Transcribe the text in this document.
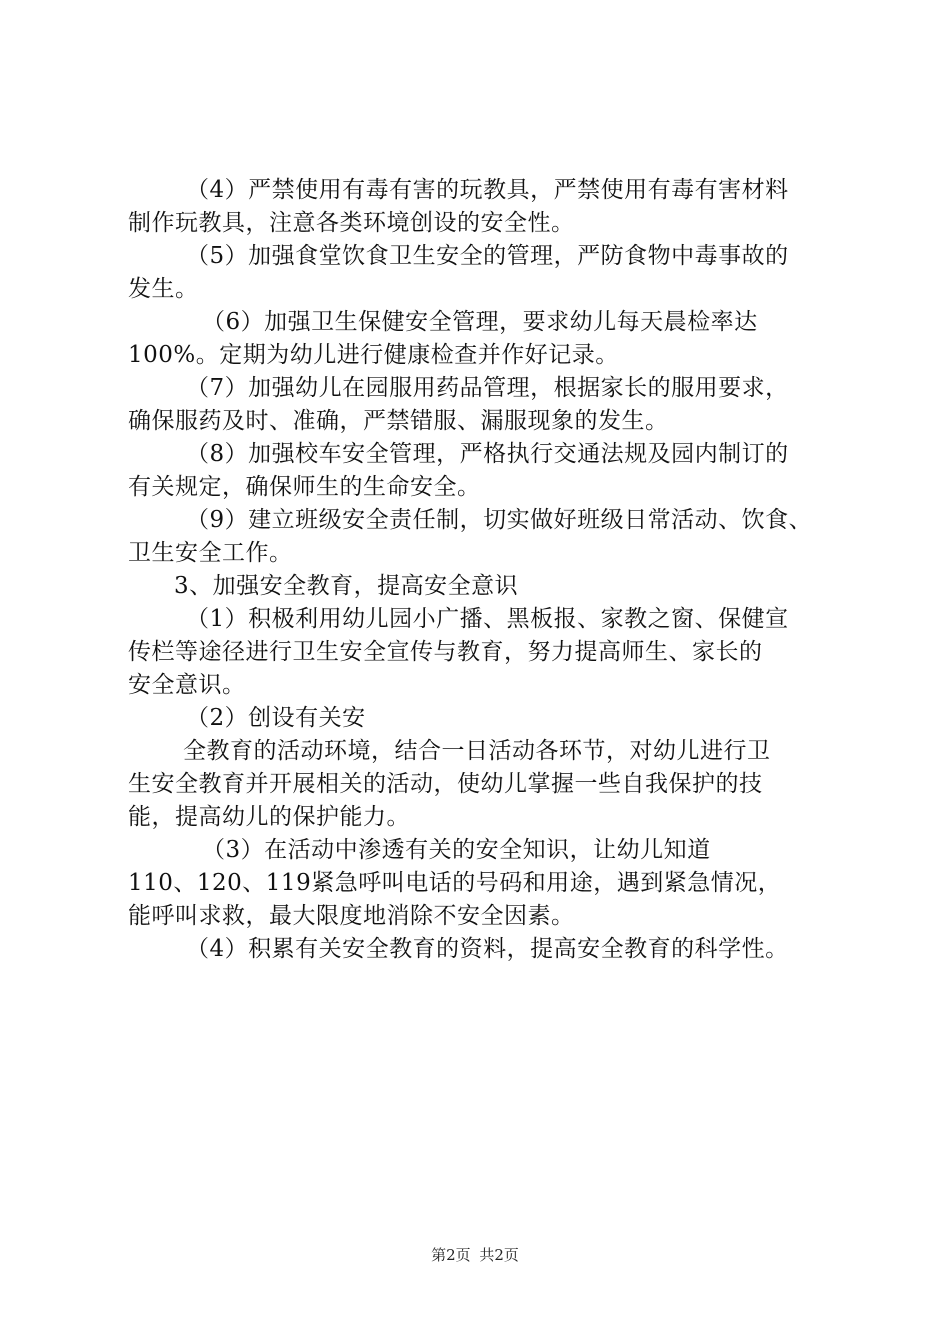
（4）严禁使用有毒有害的玩教具，严禁使用有毒有害材料
制作玩教具，注意各类环境创设的安全性。
（5）加强食堂饮食卫生安全的管理，严防食物中毒事故的
发生。
（6）加强卫生保健安全管理，要求幼儿每天晨检率达
100%。定期为幼儿进行健康检查并作好记录。
（7）加强幼儿在园服用药品管理，根据家长的服用要求，
确保服药及时、准确，严禁错服、漏服现象的发生。
（8）加强校车安全管理，严格执行交通法规及园内制订的
有关规定，确保师生的生命安全。
（9）建立班级安全责任制，切实做好班级日常活动、饮食、
卫生安全工作。
3、加强安全教育，提高安全意识
（1）积极利用幼儿园小广播、黑板报、家教之窗、保健宣
传栏等途径进行卫生安全宣传与教育，努力提高师生、家长的
安全意识。
（2）创设有关安
全教育的活动环境，结合一日活动各环节，对幼儿进行卫
生安全教育并开展相关的活动，使幼儿掌握一些自我保护的技
能，提高幼儿的保护能力。
（3）在活动中渗透有关的安全知识，让幼儿知道
110、120、119紧急呼叫电话的号码和用途，遇到紧急情况，
能呼叫求救，最大限度地消除不安全因素。
（4）积累有关安全教育的资料，提高安全教育的科学性。
第2页 共2页
